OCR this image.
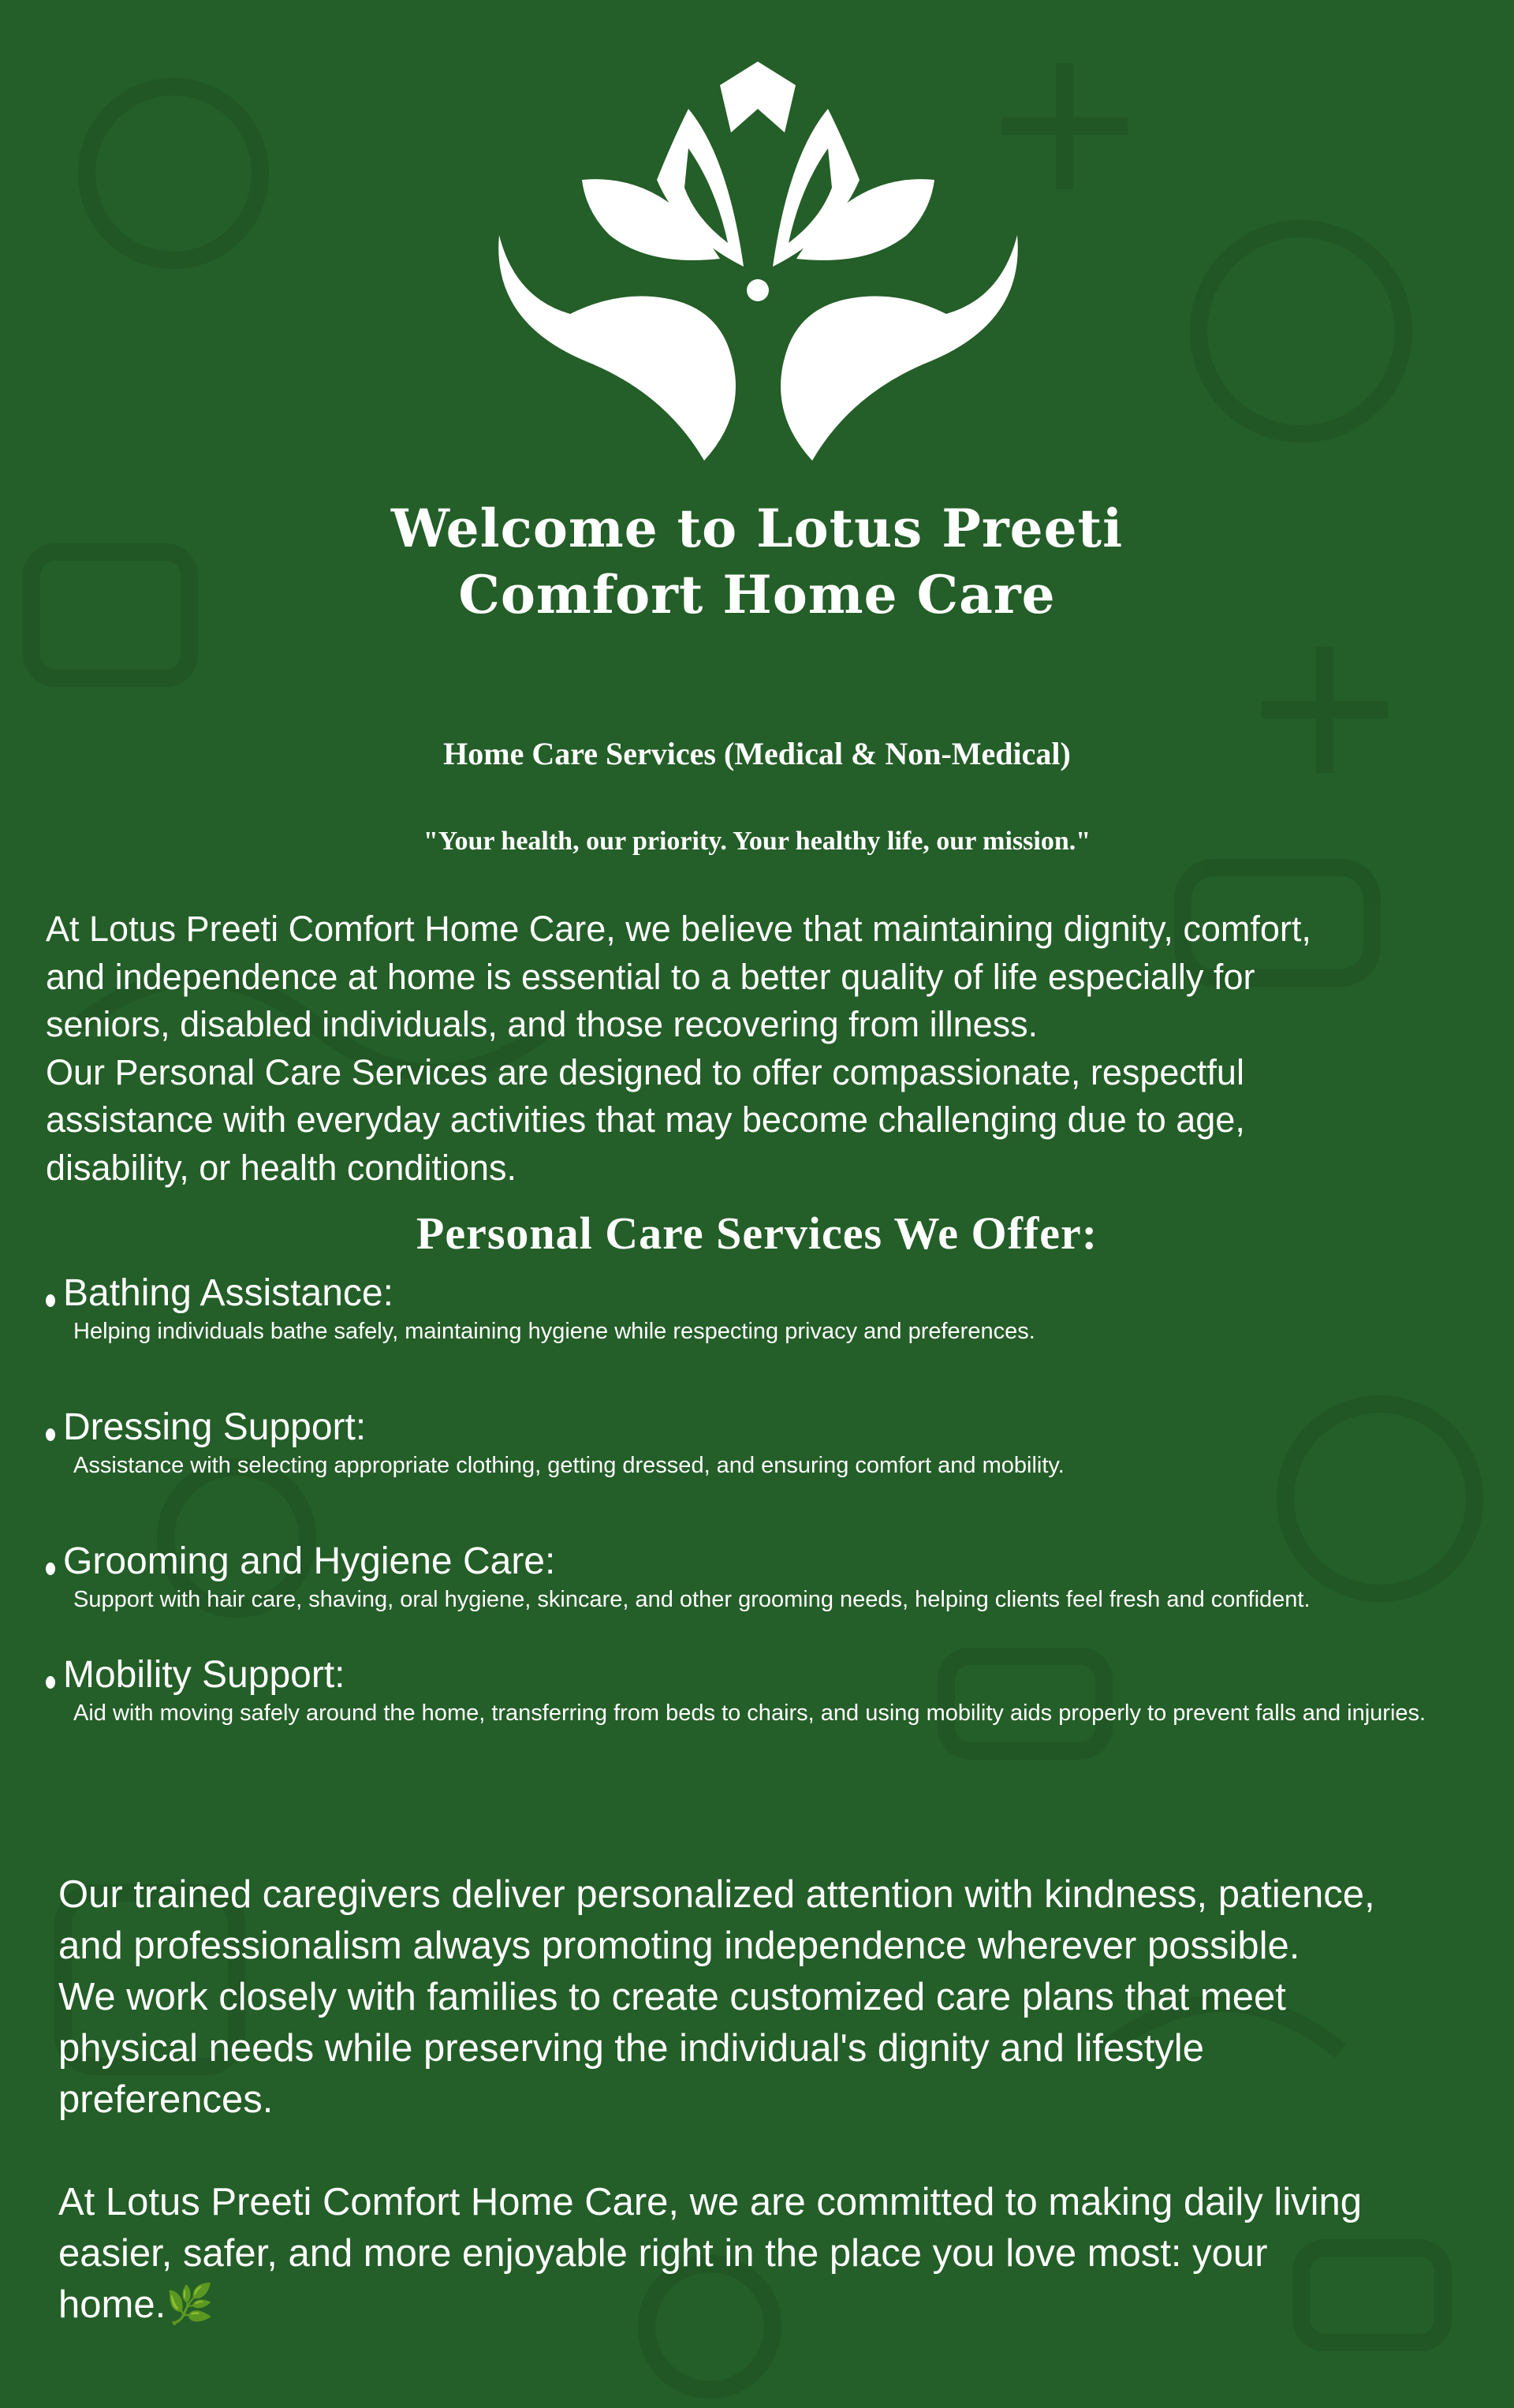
Welcome to Lotus Preeti
Comfort Home Care
Home Care Services (Medical & Non-Medical)
"Your health, our priority. Your healthy life, our mission."
At Lotus Preeti Comfort Home Care, we believe that maintaining dignity, comfort,
and independence at home is essential to a better quality of life especially for
seniors, disabled individuals, and those recovering from illness.
Our Personal Care Services are designed to offer compassionate, respectful
assistance with everyday activities that may become challenging due to age,
disability, or health conditions.
Personal Care Services We Offer:
Bathing Assistance:
Helping individuals bathe safely, maintaining hygiene while respecting privacy and preferences.
Dressing Support:
Assistance with selecting appropriate clothing, getting dressed, and ensuring comfort and mobility.
Grooming and Hygiene Care:
Support with hair care, shaving, oral hygiene, skincare, and other grooming needs, helping clients feel fresh and confident.
Mobility Support:
Aid with moving safely around the home, transferring from beds to chairs, and using mobility aids properly to prevent falls and injuries.
Our trained caregivers deliver personalized attention with kindness, patience,
and professionalism always promoting independence wherever possible.
We work closely with families to create customized care plans that meet
physical needs while preserving the individual's dignity and lifestyle
preferences.
At Lotus Preeti Comfort Home Care, we are committed to making daily living
easier, safer, and more enjoyable right in the place you love most: your
home.🌿
